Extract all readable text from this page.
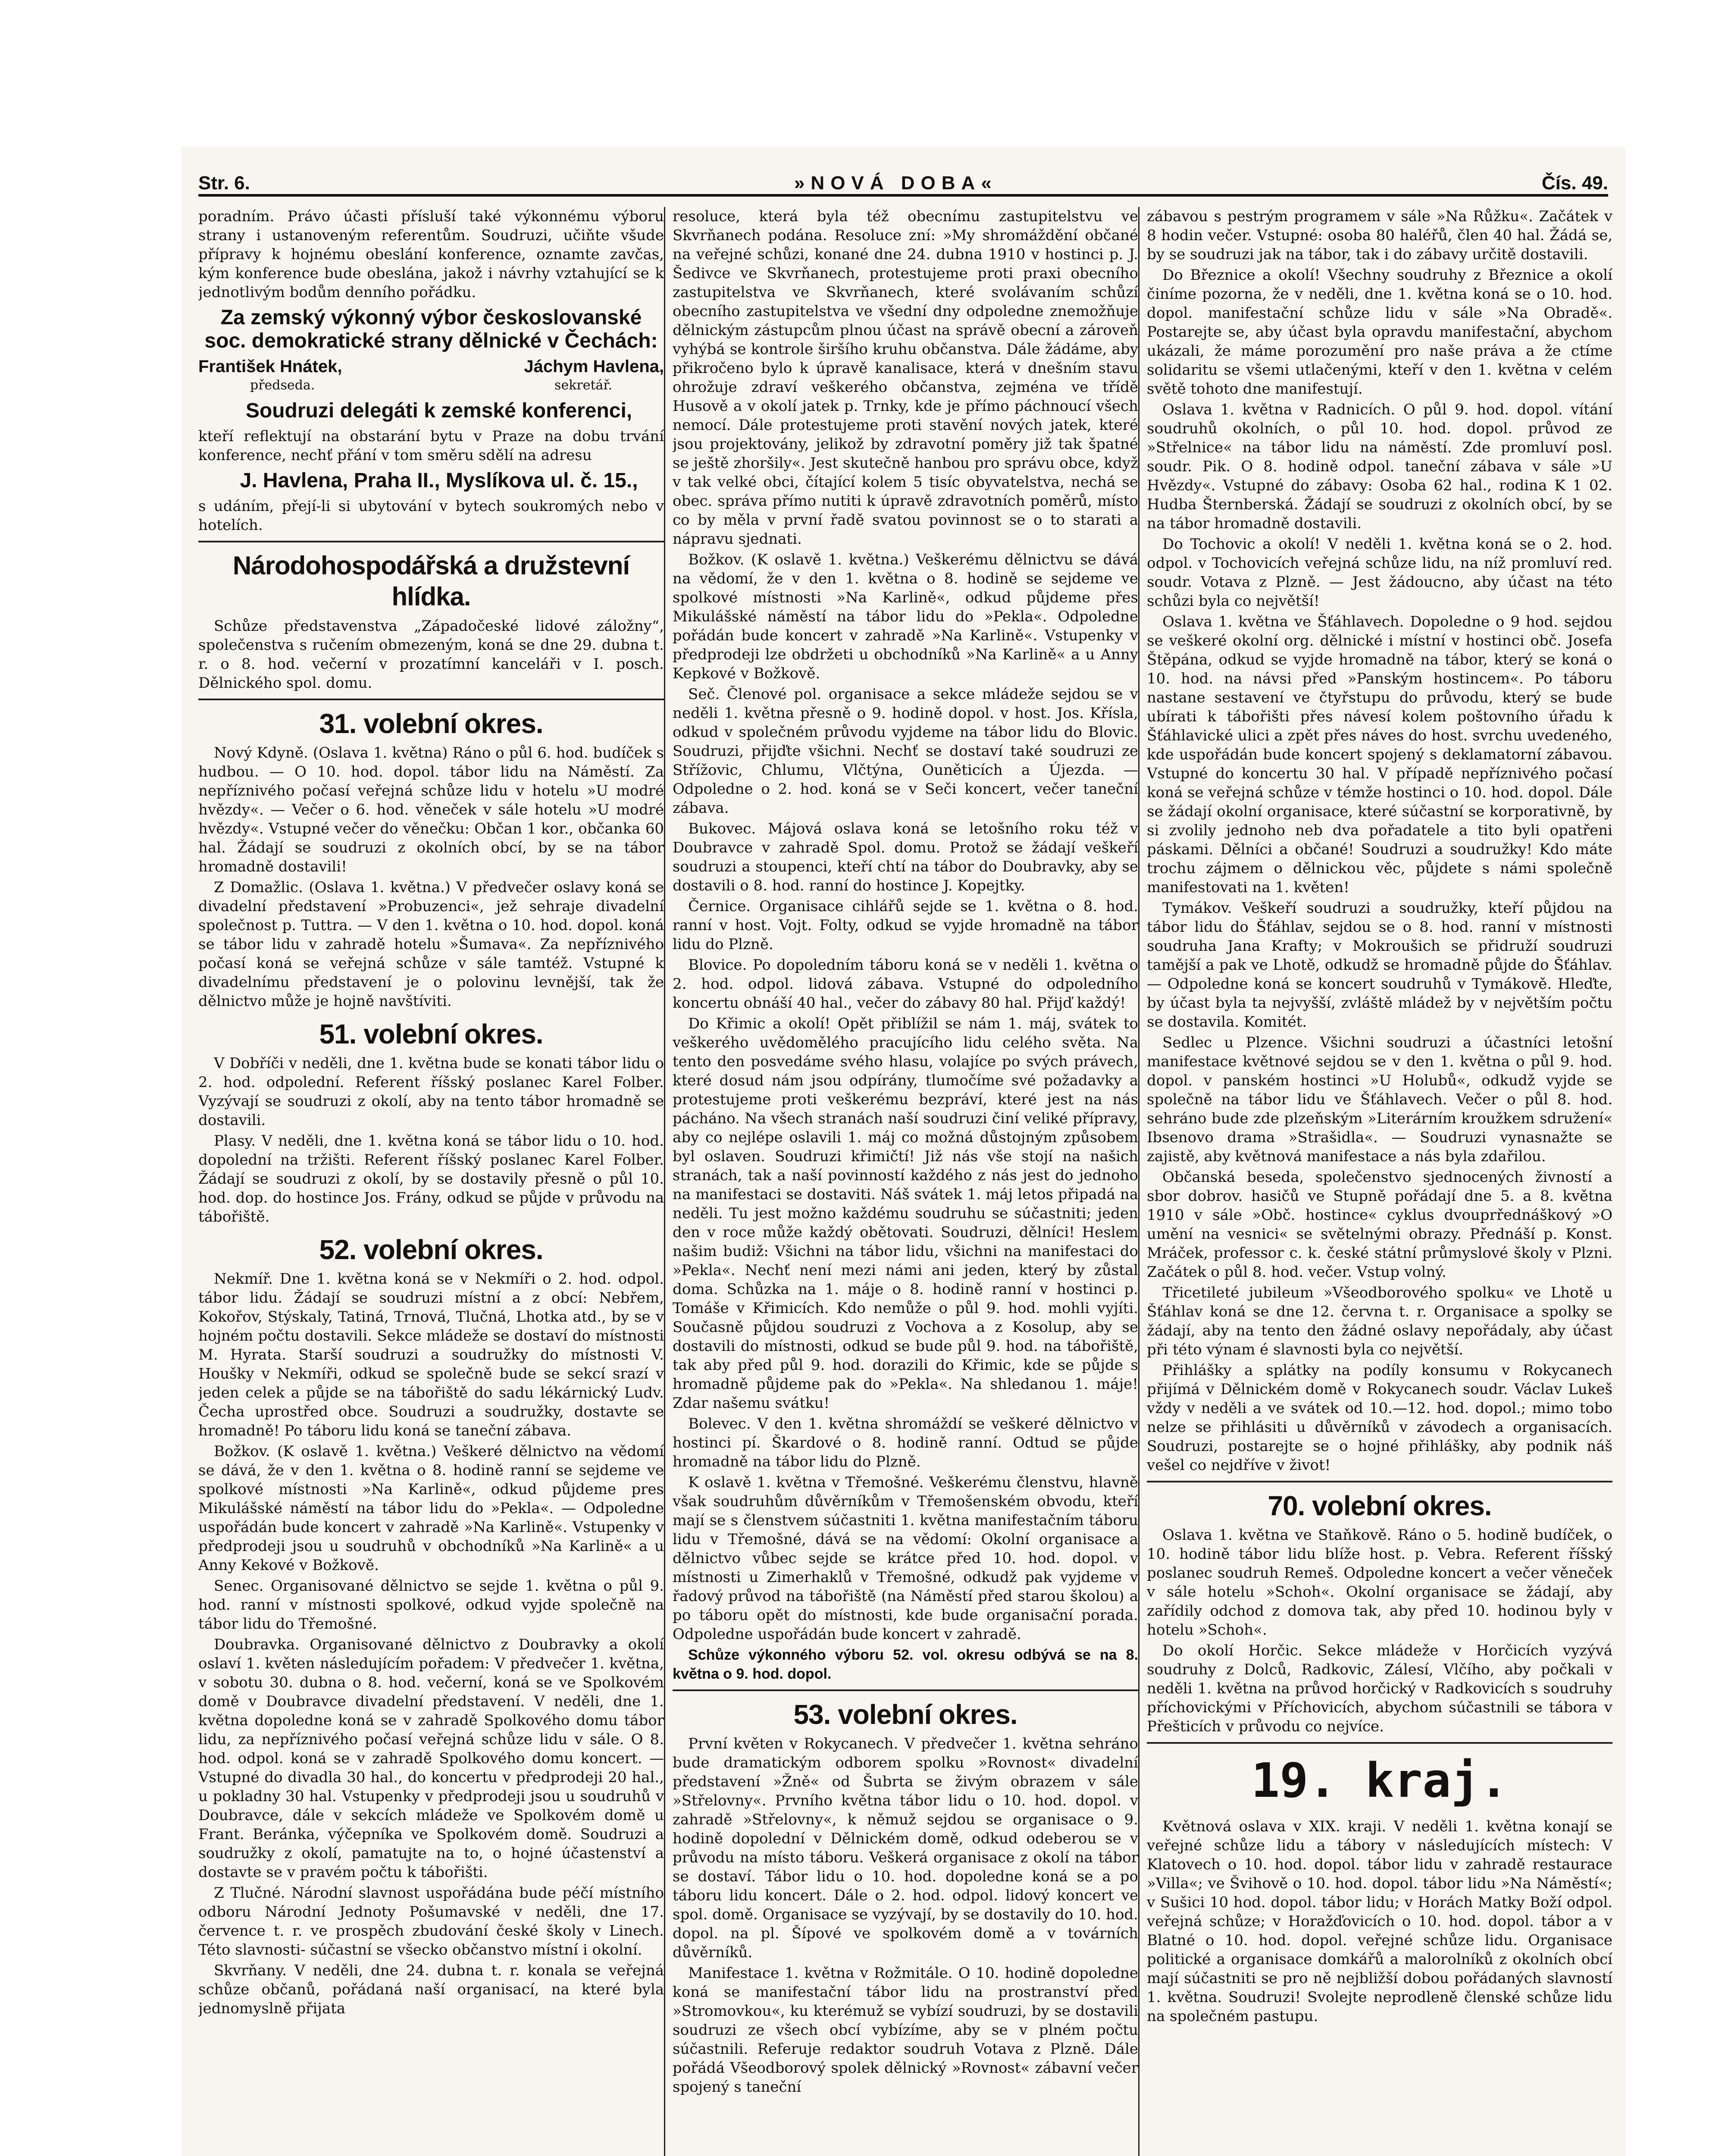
Str. 6.	»NOVÁ DOBA«	Čís. 49.

poradním. Právo účasti přísluší také výkonnému výboru strany i ustanoveným referentům. Soudruzi, učiňte všude přípravy k hojnému obeslání konference, oznamte zavčas, kým konference bude obeslána, jakož i návrhy vztahující se k jednotlivým bodům denního pořádku.

Za zemský výkonný výbor českoslovanské soc. demokratické strany dělnické v Čechách:
František Hnátek,	Jáchym Havlena,
předseda.	sekretář.

Soudruzi delegáti k zemské konferenci,

kteří reflektují na obstarání bytu v Praze na dobu trvání konference, nechť přání v tom směru sdělí na adresu

J. Havlena, Praha II., Myslíkova ul. č. 15.,

s udáním, přejí-li si ubytování v bytech soukromých nebo v hotelích.

Národohospodářská a družstevní hlídka.

Schůze představenstva „Západočeské lidové záložny“, společenstva s ručením obmezeným, koná se dne 29. dubna t. r. o 8. hod. večerní v prozatímní kanceláři v I. posch. Dělnického spol. domu.

31. volební okres.

Nový Kdyně. (Oslava 1. května) Ráno o půl 6. hod. budíček s hudbou. — O 10. hod. dopol. tábor lidu na Náměstí. Za nepříznivého počasí veřejná schůze lidu v hotelu »U modré hvězdy«. — Večer o 6. hod. věneček v sále hotelu »U modré hvězdy«. Vstupné večer do věnečku: Občan 1 kor., občanka 60 hal. Žádají se soudruzi z okolních obcí, by se na tábor hromadně dostavili!

Z Domažlic. (Oslava 1. května.) V předvečer oslavy koná se divadelní představení »Probuzenci«, jež sehraje divadelní společnost p. Tuttra. — V den 1. května o 10. hod. dopol. koná se tábor lidu v zahradě hotelu »Šumava«. Za nepříznivého počasí koná se veřejná schůze v sále tamtéž. Vstupné k divadelnímu představení je o polovinu levnější, tak že dělnictvo může je hojně navštíviti.

51. volební okres.

V Dobříči v neděli, dne 1. května bude se konati tábor lidu o 2. hod. odpolední. Referent říšský poslanec Karel Folber. Vyzývají se soudruzi z okolí, aby na tento tábor hromadně se dostavili.

Plasy. V neděli, dne 1. května koná se tábor lidu o 10. hod. dopolední na tržišti. Referent říšský poslanec Karel Folber. Žádají se soudruzi z okolí, by se dostavily přesně o půl 10. hod. dop. do hostince Jos. Frány, odkud se půjde v průvodu na tábořiště.

52. volební okres.

Nekmíř. Dne 1. května koná se v Nekmíři o 2. hod. odpol. tábor lidu. Žádají se soudruzi místní a z obcí: Nebřem, Kokořov, Stýskaly, Tatiná, Trnová, Tlučná, Lhotka atd., by se v hojném počtu dostavili. Sekce mládeže se dostaví do místnosti M. Hyrata. Starší soudruzi a soudružky do místnosti V. Houšky v Nekmíři, odkud se společně bude se sekcí srazí v jeden celek a půjde se na tábořiště do sadu lékárnický Ludv. Čecha uprostřed obce. Soudruzi a soudružky, dostavte se hromadně! Po táboru lidu koná se taneční zábava.

Božkov. (K oslavě 1. května.) Veškeré dělnictvo na vědomí se dává, že v den 1. května o 8. hodině ranní se sejdeme ve spolkové místnosti »Na Karlině«, odkud půjdeme pres Mikulášské náměstí na tábor lidu do »Pekla«. — Odpoledne uspořádán bude koncert v zahradě »Na Karlině«. Vstupenky v předprodeji jsou u soudruhů v obchodníků »Na Karlině« a u Anny Kekové v Božkově.

Senec. Organisované dělnictvo se sejde 1. května o půl 9. hod. ranní v místnosti spolkové, odkud vyjde společně na tábor lidu do Třemošné.

Doubravka. Organisované dělnictvo z Doubravky a okolí oslaví 1. květen následujícím pořadem: V předvečer 1. května, v sobotu 30. dubna o 8. hod. večerní, koná se ve Spolkovém domě v Doubravce divadelní představení. V neděli, dne 1. května dopoledne koná se v zahradě Spolkového domu tábor lidu, za nepříznivého počasí veřejná schůze lidu v sále. O 8. hod. odpol. koná se v zahradě Spolkového domu koncert. — Vstupné do divadla 30 hal., do koncertu v předprodeji 20 hal., u pokladny 30 hal. Vstupenky v předprodeji jsou u soudruhů v Doubravce, dále v sekcích mládeže ve Spolkovém domě u Frant. Beránka, výčepníka ve Spolkovém domě. Soudruzi a soudružky z okolí, pamatujte na to, o hojné účastenství a dostavte se v pravém počtu k tábořišti.

Z Tlučné. Národní slavnost uspořádána bude péčí místního odboru Národní Jednoty Pošumavské v neděli, dne 17. července t. r. ve prospěch zbudování české školy v Linech. Této slavnosti- súčastní se všecko občanstvo místní i okolní.

Skvrňany. V neděli, dne 24. dubna t. r. konala se veřejná schůze občanů, pořádaná naší organisací, na které byla jednomyslně přijata

resoluce, která byla též obecnímu zastupitelstvu ve Skvrňanech podána. Resoluce zní: »My shromáždění občané na veřejné schůzi, konané dne 24. dubna 1910 v hostinci p. J. Šedivce ve Skvrňanech, protestujeme proti praxi obecního zastupitelstva ve Skvrňanech, které svolávaním schůzí obecního zastupitelstva ve všední dny odpoledne znemožňuje dělnickým zástupcům plnou účast na správě obecní a zároveň vyhýbá se kontrole širšího kruhu občanstva. Dále žádáme, aby přikročeno bylo k úpravě kanalisace, která v dnešním stavu ohrožuje zdraví veškerého občanstva, zejména ve třídě Husově a v okolí jatek p. Trnky, kde je přímo páchnoucí všech nemocí. Dále protestujeme proti stavění nových jatek, které jsou projektovány, jelikož by zdravotní poměry již tak špatné se ještě zhoršily«. Jest skutečně hanbou pro správu obce, když v tak velké obci, čítající kolem 5 tisíc obyvatelstva, nechá se obec. správa přímo nutiti k úpravě zdravotních poměrů, místo co by měla v první řadě svatou povinnost se o to starati a nápravu sjednati.

Božkov. (K oslavě 1. května.) Veškerému dělnictvu se dává na vědomí, že v den 1. května o 8. hodině se sejdeme ve spolkové místnosti »Na Karlině«, odkud půjdeme přes Mikulášské náměstí na tábor lidu do »Pekla«. Odpoledne pořádán bude koncert v zahradě »Na Karlině«. Vstupenky v předprodeji lze obdržeti u obchodníků »Na Karlině« a u Anny Kepkové v Božkově.

Seč. Členové pol. organisace a sekce mládeže sejdou se v neděli 1. května přesně o 9. hodině dopol. v host. Jos. Křísla, odkud v společném průvodu vyjdeme na tábor lidu do Blovic. Soudruzi, přijďte všichni. Nechť se dostaví také soudruzi ze Střížovic, Chlumu, Vlčtýna, Ouněticích a Újezda. — Odpoledne o 2. hod. koná se v Seči koncert, večer taneční zábava.

Bukovec. Májová oslava koná se letošního roku též v Doubravce v zahradě Spol. domu. Protož se žádají veškeří soudruzi a stoupenci, kteří chtí na tábor do Doubravky, aby se dostavili o 8. hod. ranní do hostince J. Kopejtky.

Černice. Organisace cihlářů sejde se 1. května o 8. hod. ranní v host. Vojt. Folty, odkud se vyjde hromadně na tábor lidu do Plzně.

Blovice. Po dopoledním táboru koná se v neděli 1. května o 2. hod. odpol. lidová zábava. Vstupné do odpoledního koncertu obnáší 40 hal., večer do zábavy 80 hal. Přijď každý!

Do Křimic a okolí! Opět přiblížil se nám 1. máj, svátek to veškerého uvědomělého pracujícího lidu celého světa. Na tento den posvedáme svého hlasu, volajíce po svých právech, které dosud nám jsou odpírány, tlumočíme své požadavky a protestujeme proti veškerému bezpráví, které jest na nás pácháno. Na všech stranách naší soudruzi činí veliké přípravy, aby co nejlépe oslavili 1. máj co možná důstojným způsobem byl oslaven. Soudruzi křimičtí! Již nás vše stojí na našich stranách, tak a naší povinností každého z nás jest do jednoho na manifestaci se dostaviti. Náš svátek 1. máj letos připadá na neděli. Tu jest možno každému soudruhu se súčastniti; jeden den v roce může každý obětovati. Soudruzi, dělníci! Heslem našim budiž: Všichni na tábor lidu, všichni na manifestaci do »Pekla«. Nechť není mezi námi ani jeden, který by zůstal doma. Schůzka na 1. máje o 8. hodině ranní v hostinci p. Tomáše v Křimicích. Kdo nemůže o půl 9. hod. mohli vyjíti. Současně půjdou soudruzi z Vochova a z Kosolup, aby se dostavili do místnosti, odkud se bude půl 9. hod. na tábořiště, tak aby před půl 9. hod. dorazili do Křimic, kde se půjde s hromadně půjdeme pak do »Pekla«. Na shledanou 1. máje! Zdar našemu svátku!

Bolevec. V den 1. května shromáždí se veškeré dělnictvo v hostinci pí. Škardové o 8. hodině ranní. Odtud se půjde hromadně na tábor lidu do Plzně.

K oslavě 1. května v Třemošné. Veškerému členstvu, hlavně však soudruhům důvěrníkům v Třemošenském obvodu, kteří mají se s členstvem súčastniti 1. května manifestačním táboru lidu v Třemošné, dává se na vědomí: Okolní organisace a dělnictvo vůbec sejde se krátce před 10. hod. dopol. v místnosti u Zimerhaklů v Třemošné, odkudž pak vyjdeme v řadový průvod na tábořiště (na Náměstí před starou školou) a po táboru opět do místnosti, kde bude organisační porada. Odpoledne uspořádán bude koncert v zahradě.

Schůze výkonného výboru 52. vol. okresu odbývá se na 8. května o 9. hod. dopol.

53. volební okres.

První květen v Rokycanech. V předvečer 1. května sehráno bude dramatickým odborem spolku »Rovnost« divadelní představení »Žně« od Šubrta se živým obrazem v sále »Střelovny«. Prvního května tábor lidu o 10. hod. dopol. v zahradě »Střelovny«, k němuž sejdou se organisace o 9. hodině dopolední v Dělnickém domě, odkud odeberou se v průvodu na místo táboru. Veškerá organisace z okolí na tábor se dostaví. Tábor lidu o 10. hod. dopoledne koná se a po táboru lidu koncert. Dále o 2. hod. odpol. lidový koncert ve spol. domě. Organisace se vyzývají, by se dostavily do 10. hod. dopol. na pl. Šípové ve spolkovém domě a v továrních důvěrníků.

Manifestace 1. května v Rožmitále. O 10. hodině dopoledne koná se manifestační tábor lidu na prostranství před »Stromovkou«, ku kterémuž se vybízí soudruzi, by se dostavili soudruzi ze všech obcí vybízíme, aby se v plném počtu súčastnili. Referuje redaktor soudruh Votava z Plzně. Dále pořádá Všeodborový spolek dělnický »Rovnost« zábavní večer spojený s taneční

zábavou s pestrým programem v sále »Na Růžku«. Začátek v 8 hodin večer. Vstupné: osoba 80 haléřů, člen 40 hal. Žádá se, by se soudruzi jak na tábor, tak i do zábavy určitě dostavili.

Do Březnice a okolí! Všechny soudruhy z Březnice a okolí činíme pozorna, že v neděli, dne 1. května koná se o 10. hod. dopol. manifestační schůze lidu v sále »Na Obradě«. Postarejte se, aby účast byla opravdu manifestační, abychom ukázali, že máme porozumění pro naše práva a že ctíme solidaritu se všemi utlačenými, kteří v den 1. května v celém světě tohoto dne manifestují.

Oslava 1. května v Radnicích. O půl 9. hod. dopol. vítání soudruhů okolních, o půl 10. hod. dopol. průvod ze »Střelnice« na tábor lidu na náměstí. Zde promluví posl. soudr. Pik. O 8. hodině odpol. taneční zábava v sále »U Hvězdy«. Vstupné do zábavy: Osoba 62 hal., rodina K 1 02. Hudba Šternberská. Žádají se soudruzi z okolních obcí, by se na tábor hromadně dostavili.

Do Tochovic a okolí! V neděli 1. května koná se o 2. hod. odpol. v Tochovicích veřejná schůze lidu, na níž promluví red. soudr. Votava z Plzně. — Jest žádoucno, aby účast na této schůzi byla co největší!

Oslava 1. května ve Šťáhlavech. Dopoledne o 9 hod. sejdou se veškeré okolní org. dělnické i místní v hostinci obč. Josefa Štěpána, odkud se vyjde hromadně na tábor, který se koná o 10. hod. na návsi před »Panským hostincem«. Po táboru nastane sestavení ve čtyřstupu do průvodu, který se bude ubírati k tábořišti přes návesí kolem poštovního úřadu k Šťáhlavické ulici a zpět přes náves do host. svrchu uvedeného, kde uspořádán bude koncert spojený s deklamatorní zábavou. Vstupné do koncertu 30 hal. V případě nepříznivého počasí koná se veřejná schůze v témže hostinci o 10. hod. dopol. Dále se žádají okolní organisace, které súčastní se korporativně, by si zvolily jednoho neb dva pořadatele a tito byli opatřeni páskami. Dělníci a občané! Soudruzi a soudružky! Kdo máte trochu zájmem o dělnickou věc, půjdete s námi společně manifestovati na 1. květen!

Tymákov. Veškeří soudruzi a soudružky, kteří půjdou na tábor lidu do Šťáhlav, sejdou se o 8. hod. ranní v místnosti soudruha Jana Krafty; v Mokroušich se přidruží soudruzi tamější a pak ve Lhotě, odkudž se hromadně půjde do Šťáhlav. — Odpoledne koná se koncert soudruhů v Tymákově. Hleďte, by účast byla ta nejvyšší, zvláště mládež by v největším počtu se dostavila. Komitét.

Sedlec u Plzence. Všichni soudruzi a účastníci letošní manifestace květnové sejdou se v den 1. května o půl 9. hod. dopol. v panském hostinci »U Holubů«, odkudž vyjde se společně na tábor lidu ve Šťáhlavech. Večer o půl 8. hod. sehráno bude zde plzeňským »Literárním kroužkem sdružení« Ibsenovo drama »Strašidla«. — Soudruzi vynasnažte se zajistě, aby květnová manifestace a nás byla zdařilou.

Občanská beseda, společenstvo sjednocených živností a sbor dobrov. hasičů ve Stupně pořádají dne 5. a 8. května 1910 v sále »Obč. hostince« cyklus dvouprřednáškový »O umění na vesnici« se světelnými obrazy. Přednáší p. Konst. Mráček, professor c. k. české státní průmyslové školy v Plzni. Začátek o půl 8. hod. večer. Vstup volný.

Třicetileté jubileum »Všeodborového spolku« ve Lhotě u Šťáhlav koná se dne 12. června t. r. Organisace a spolky se žádají, aby na tento den žádné oslavy nepořádaly, aby účast při této výnam é slavnosti byla co největší.

Přihlášky a splátky na podíly konsumu v Rokycanech přijímá v Dělnickém domě v Rokycanech soudr. Václav Lukeš vždy v neděli a ve svátek od 10.—12. hod. dopol.; mimo tobo nelze se přihlásiti u důvěrníků v závodech a organisacích. Soudruzi, postarejte se o hojné přihlášky, aby podnik náš vešel co nejdříve v život!

70. volební okres.

Oslava 1. května ve Staňkově. Ráno o 5. hodině budíček, o 10. hodině tábor lidu blíže host. p. Vebra. Referent říšský poslanec soudruh Remeš. Odpoledne koncert a večer věneček v sále hotelu »Schoh«. Okolní organisace se žádají, aby zařídily odchod z domova tak, aby před 10. hodinou byly v hotelu »Schoh«.

Do okolí Horčic. Sekce mládeže v Horčicích vyzývá soudruhy z Dolců, Radkovic, Zálesí, Vlčího, aby počkali v neděli 1. května na průvod horčický v Radkovicích s soudruhy příchovickými v Příchovicích, abychom súčastnili se tábora v Přešticích v průvodu co nejvíce.

19. kraj.

Květnová oslava v XIX. kraji. V neděli 1. května konají se veřejné schůze lidu a tábory v následujících místech: V Klatovech o 10. hod. dopol. tábor lidu v zahradě restaurace »Villa«; ve Švihově o 10. hod. dopol. tábor lidu »Na Náměstí«; v Sušici 10 hod. dopol. tábor lidu; v Horách Matky Boží odpol. veřejná schůze; v Horažďovicích o 10. hod. dopol. tábor a v Blatné o 10. hod. dopol. veřejné schůze lidu. Organisace politické a organisace domkářů a malorolníků z okolních obcí mají súčastniti se pro ně nejbližší dobou pořádaných slavností 1. května. Soudruzi! Svolejte neprodleně členské schůze lidu na společném pastupu.
